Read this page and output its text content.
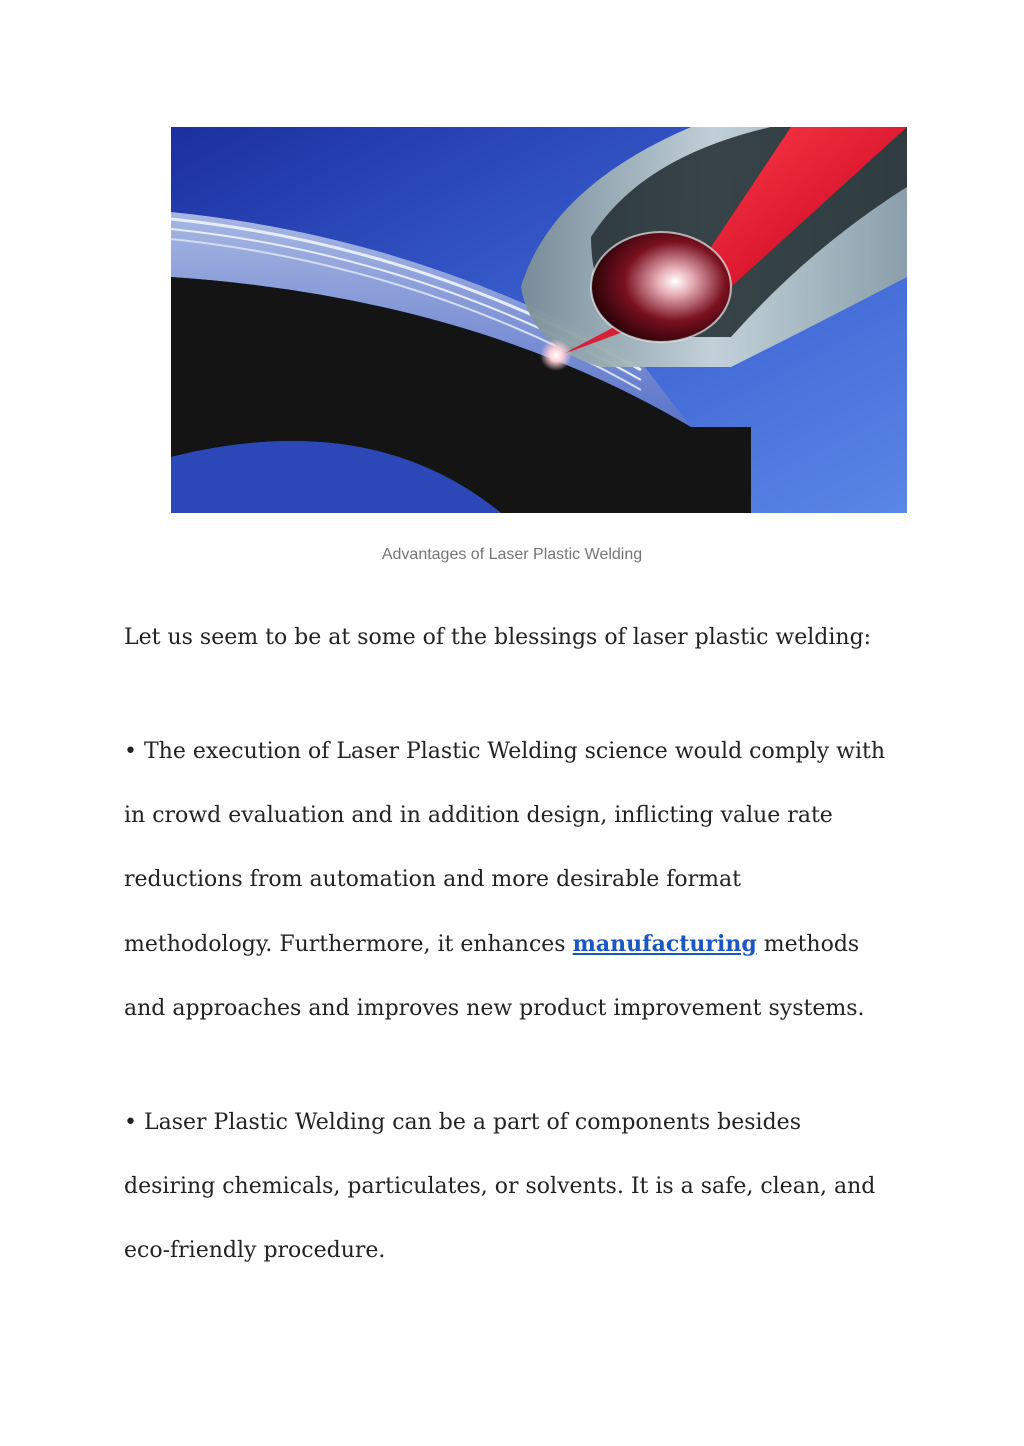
Advantages of Laser Plastic Welding
Let us seem to be at some of the blessings of laser plastic welding:
• The execution of Laser Plastic Welding science would comply with
in crowd evaluation and in addition design, inflicting value rate
reductions from automation and more desirable format
methodology. Furthermore, it enhances manufacturing methods
and approaches and improves new product improvement systems.
• Laser Plastic Welding can be a part of components besides
desiring chemicals, particulates, or solvents. It is a safe, clean, and
eco-friendly procedure.
